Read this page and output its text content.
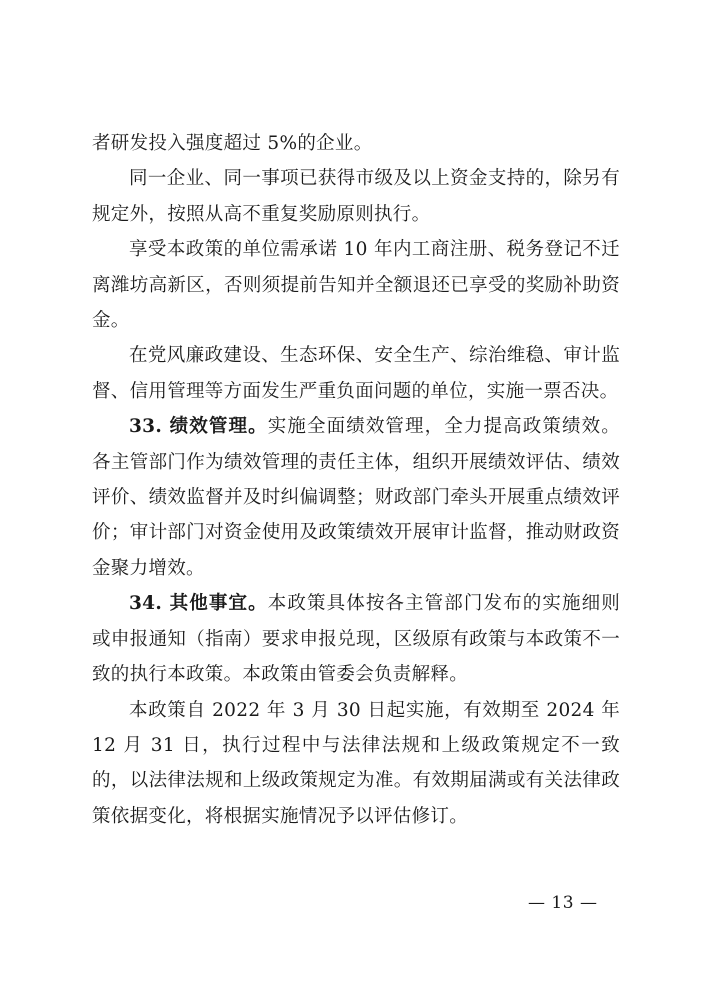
者研发投入强度超过 5%的企业。

同一企业、同一事项已获得市级及以上资金支持的，除另有规定外，按照从高不重复奖励原则执行。

享受本政策的单位需承诺 10 年内工商注册、税务登记不迁离潍坊高新区，否则须提前告知并全额退还已享受的奖励补助资金。

在党风廉政建设、生态环保、安全生产、综治维稳、审计监督、信用管理等方面发生严重负面问题的单位，实施一票否决。

33. 绩效管理。实施全面绩效管理，全力提高政策绩效。各主管部门作为绩效管理的责任主体，组织开展绩效评估、绩效评价、绩效监督并及时纠偏调整；财政部门牵头开展重点绩效评价；审计部门对资金使用及政策绩效开展审计监督，推动财政资金聚力增效。

34. 其他事宜。本政策具体按各主管部门发布的实施细则或申报通知（指南）要求申报兑现，区级原有政策与本政策不一致的执行本政策。本政策由管委会负责解释。

本政策自 2022 年 3 月 30 日起实施，有效期至 2024 年 12 月 31 日，执行过程中与法律法规和上级政策规定不一致的，以法律法规和上级政策规定为准。有效期届满或有关法律政策依据变化，将根据实施情况予以评估修订。

— 13 —
